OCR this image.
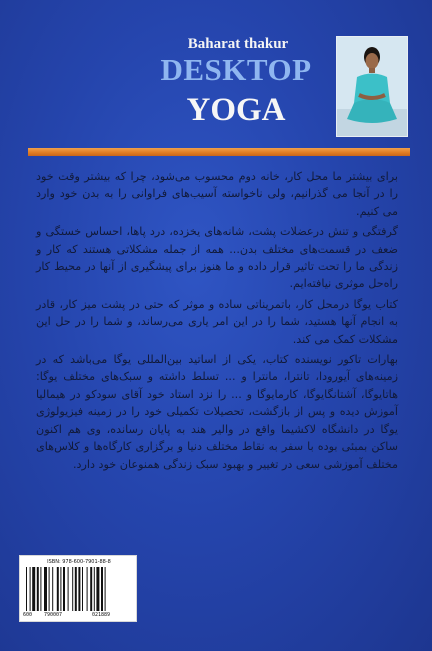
Baharat thakur
DESKTOP
YOGA

برای بیشتر ما محل کار، خانه دوم محسوب می‌شود، چرا که بیشتر وقت خود را در آنجا می گذرانیم، ولی ناخواسته آسیب‌های فراوانی را به بدن خود وارد می کنیم.

گرفتگی و تنش درعضلات پشت، شانه‌های یخزده، درد پاها، احساس خستگی و ضعف در قسمت‌های مختلف بدن... همه از جمله مشکلاتی هستند که کار و زندگی ما را تحت تاثیر قرار داده و ما هنوز برای پیشگیری از آنها در محیط کار راه‌حل موثری نیافته‌ایم.

کتاب یوگا درمحل کار، باتمریناتی ساده و موثر که حتی در پشت میز کار، قادر به انجام آنها هستید، شما را در این امر یاری می‌رساند، و شما را در حل این مشکلات کمک می کند.

بهارات تاکور نویسنده کتاب، یکی از اساتید بین‌المللی یوگا می‌باشد که در زمینه‌های آیورودا، تانترا، مانترا و ... تسلط داشته و سبک‌های مختلف یوگا: هاتایوگا، آشتانگایوگا، کارمایوگا و ... را نزد استاد خود آقای سودکو در هیمالیا آموزش دیده و پس از بازگشت، تحصیلات تکمیلی خود را در زمینه فیزیولوژی یوگا در دانشگاه لاکشیما واقع در والیر هند به پایان رسانده، وی هم اکنون ساکن بمبئی بوده با سفر به نقاط مختلف دنیا و برگزاری کارگاه‌ها و کلاس‌های مختلف آموزشی سعی در تغییر و بهبود سبک زندگی همنوعان خود دارد.

ISBN: 978-600-7901-88-8
600 790007	021889
